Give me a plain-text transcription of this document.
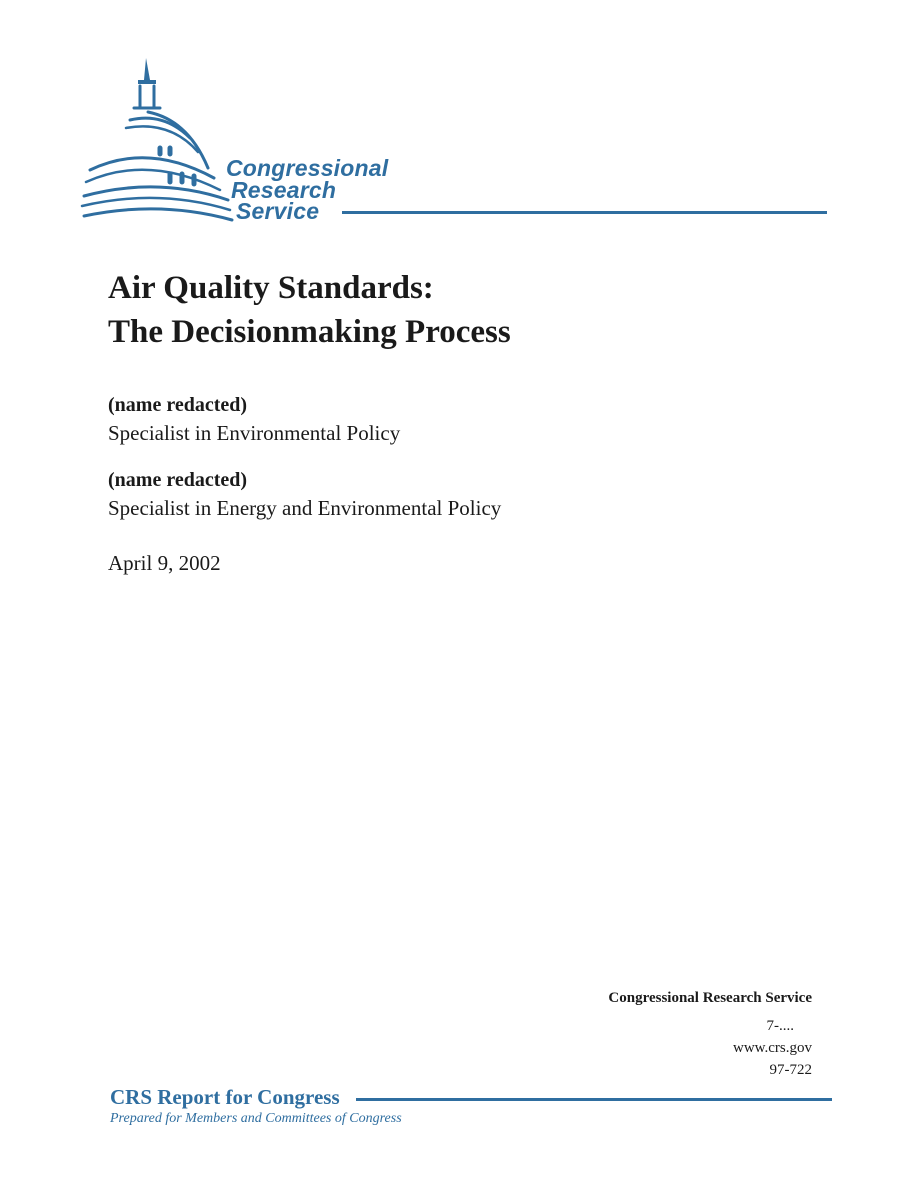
Congressional
Research
Service
Air Quality Standards:
The Decisionmaking Process
(name redacted)
Specialist in Environmental Policy
(name redacted)
Specialist in Energy and Environmental Policy
April 9, 2002
Congressional Research Service
7-....
www.crs.gov
97-722
CRS Report for Congress
Prepared for Members and Committees of Congress
